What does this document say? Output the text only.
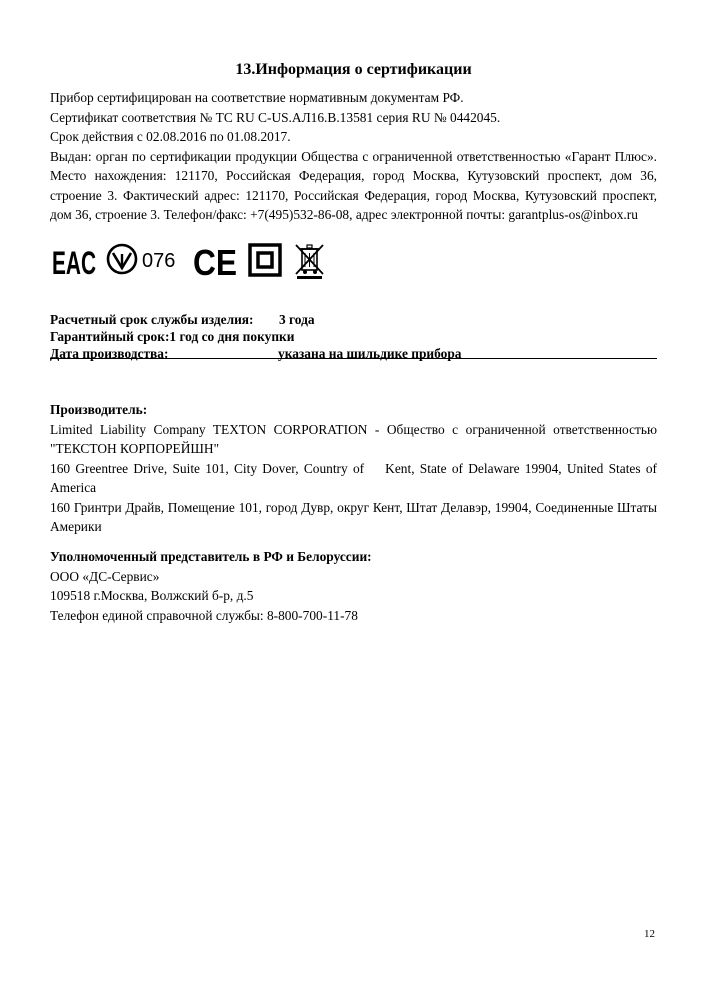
13.Информация о сертификации
Прибор сертифицирован на соответствие нормативным документам РФ.
Сертификат соответствия № ТС RU C-US.АЛ16.В.13581 серия RU № 0442045.
Срок действия с 02.08.2016 по 01.08.2017.
Выдан: орган по сертификации продукции Общества с ограниченной ответственностью «Гарант Плюс». Место нахождения: 121170, Российская Федерация, город Москва, Кутузовский проспект, дом 36, строение 3. Фактический адрес: 121170, Российская Федерация, город Москва, Кутузовский проспект, дом 36, строение 3. Телефон/факс: +7(495)532-86-08, адрес электронной почты: garantplus-os@inbox.ru
EAC 076 CE
Расчетный срок службы изделия: 3 года
Гарантийный срок:1 год со дня покупки
Дата производства:	указана на шильдике прибора
Производитель:
Limited Liability Company TEXTON CORPORATION - Общество с ограниченной ответственностью "ТЕКСТОН КОРПОРЕЙШН"
160 Greentree Drive, Suite 101, City Dover, Country of    Kent, State of Delaware 19904, United States of America
160 Гринтри Драйв, Помещение 101, город Дувр, округ Кент, Штат Делавэр, 19904, Соединенные Штаты Америки
Уполномоченный представитель в РФ и Белоруссии:
ООО «ДС-Сервис»
109518 г.Москва, Волжский б-р, д.5
Телефон единой справочной службы: 8-800-700-11-78
12
